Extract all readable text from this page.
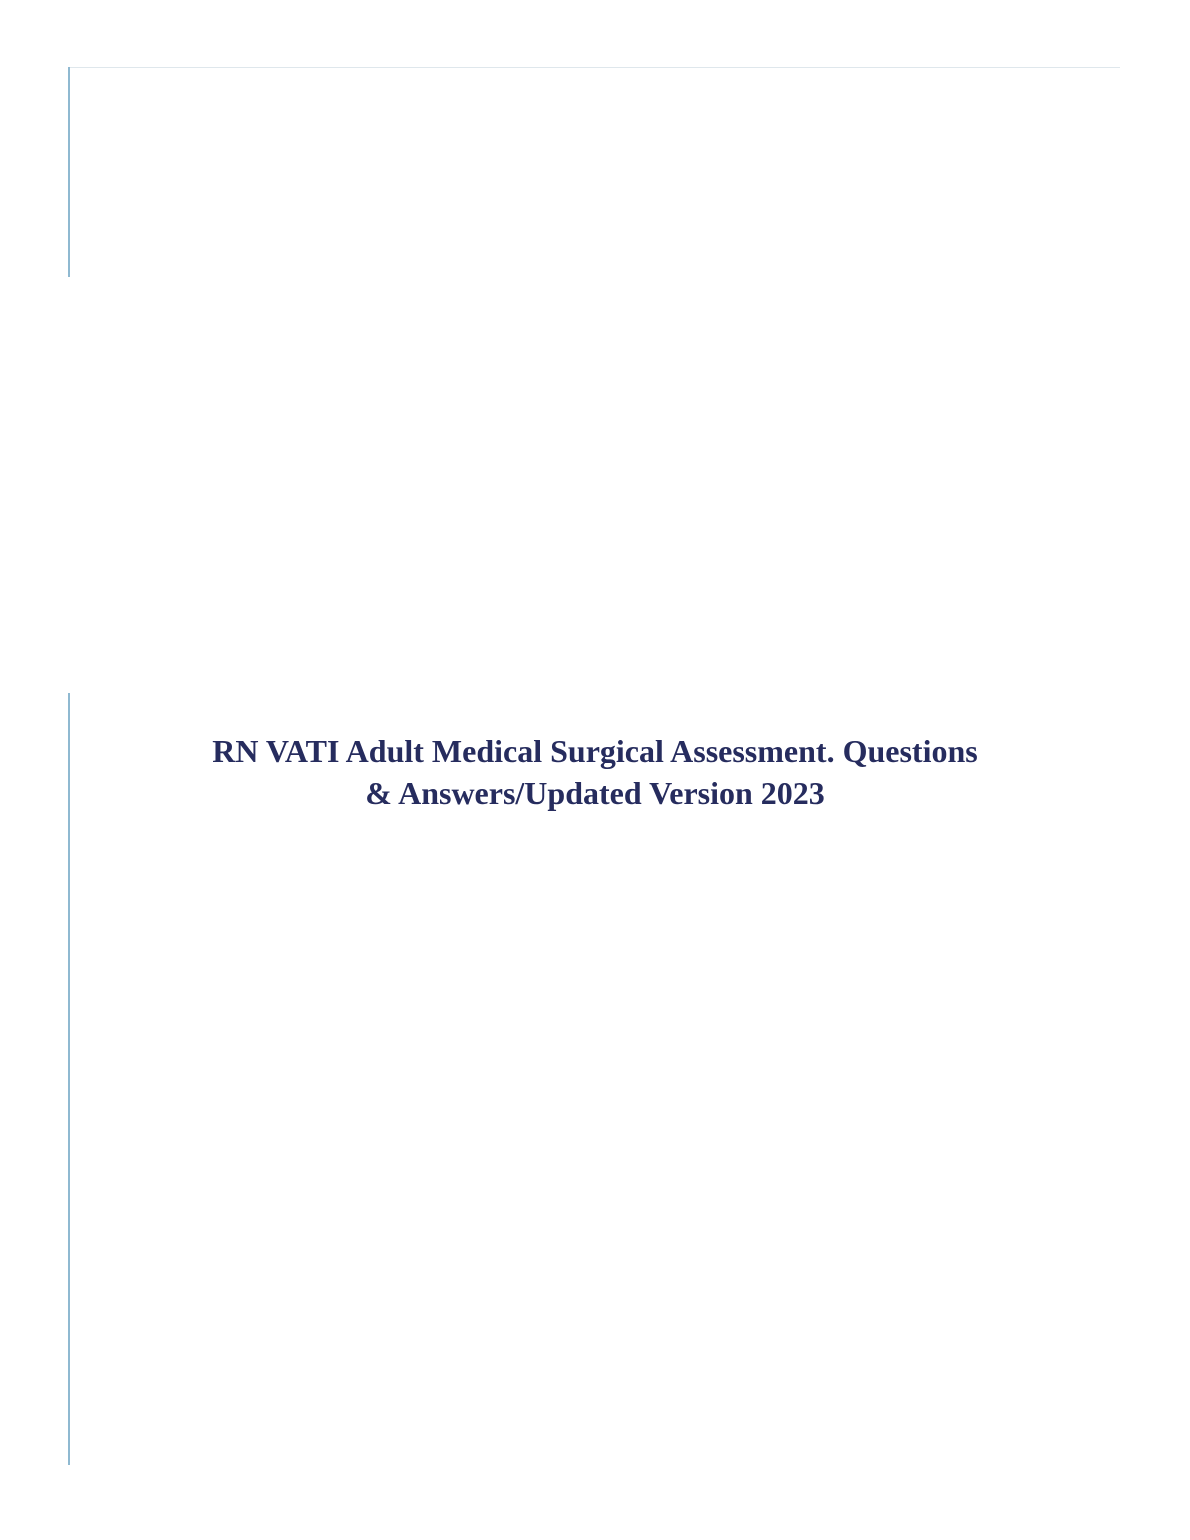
RN VATI Adult Medical Surgical Assessment. Questions
& Answers/Updated Version 2023
